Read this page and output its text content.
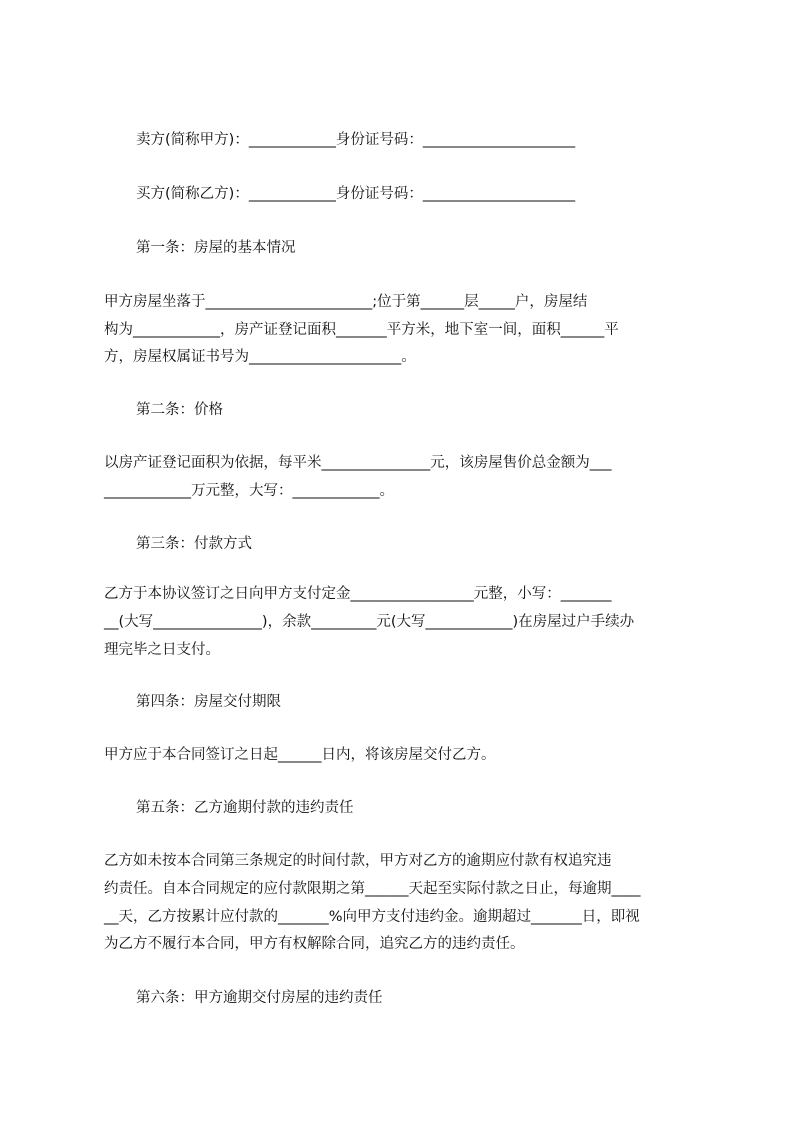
卖方(简称甲方)：____________身份证号码：_____________________
买方(简称乙方)：____________身份证号码：_____________________
第一条：房屋的基本情况
甲方房屋坐落于_______________________;位于第______层_____户，房屋结
构为____________，房产证登记面积_______平方米，地下室一间，面积______平
方，房屋权属证书号为_____________________。
第二条：价格
以房产证登记面积为依据，每平米_______________元，该房屋售价总金额为___
____________万元整，大写：____________。
第三条：付款方式
乙方于本协议签订之日向甲方支付定金_________________元整，小写：_______
__(大写_______________)，余款_________元(大写____________)在房屋过户手续办
理完毕之日支付。
第四条：房屋交付期限
甲方应于本合同签订之日起______日内，将该房屋交付乙方。
第五条：乙方逾期付款的违约责任
乙方如未按本合同第三条规定的时间付款，甲方对乙方的逾期应付款有权追究违
约责任。自本合同规定的应付款限期之第______天起至实际付款之日止，每逾期____
__天，乙方按累计应付款的_______%向甲方支付违约金。逾期超过_______日，即视
为乙方不履行本合同，甲方有权解除合同，追究乙方的违约责任。
第六条：甲方逾期交付房屋的违约责任
